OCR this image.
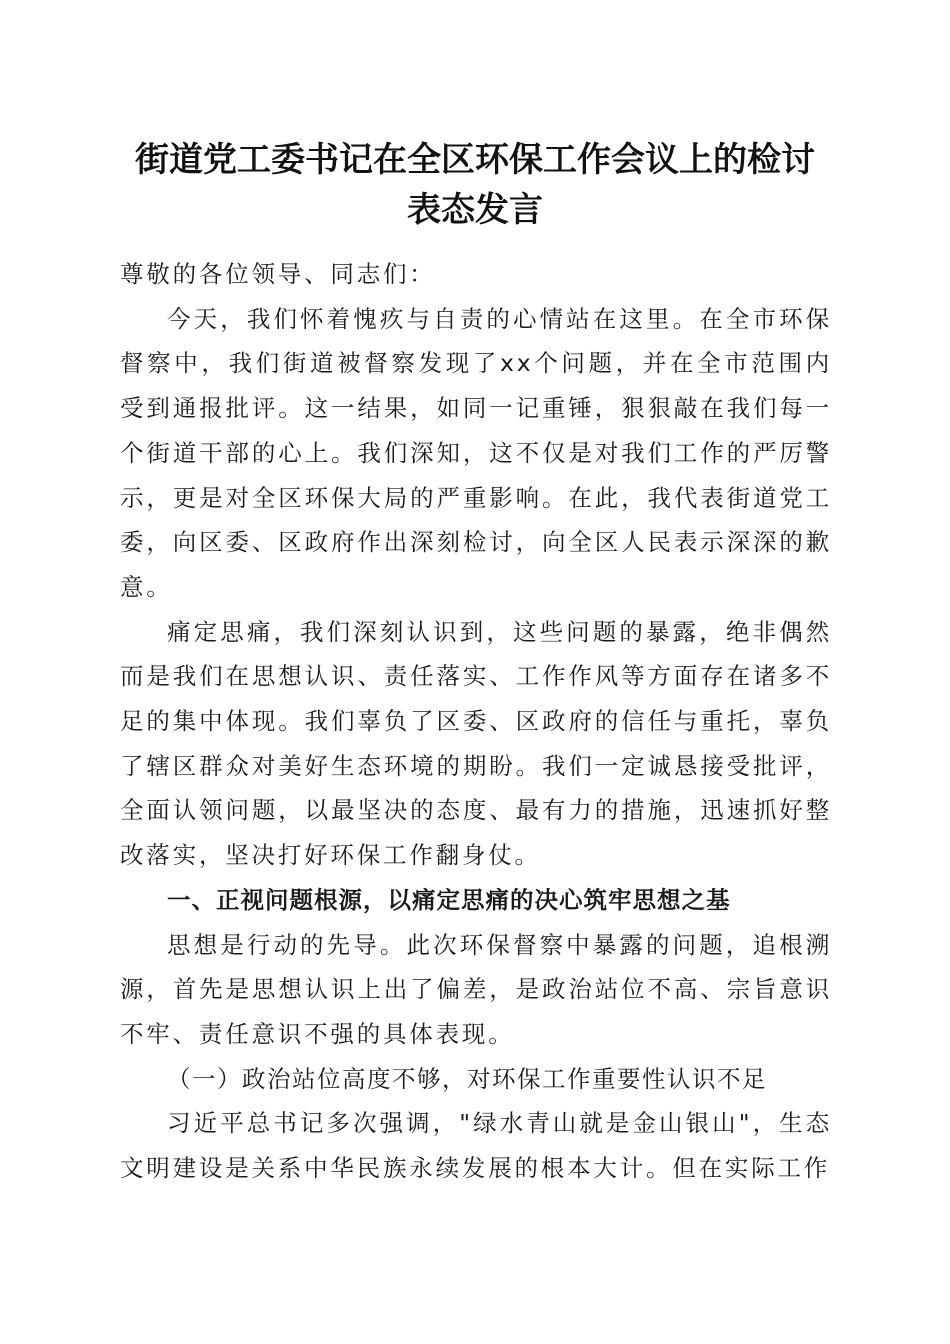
街道党工委书记在全区环保工作会议上的检讨
表态发言

尊敬的各位领导、同志们：

今天，我们怀着愧疚与自责的心情站在这里。在全市环保督察中，我们街道被督察发现了xx个问题，并在全市范围内受到通报批评。这一结果，如同一记重锤，狠狠敲在我们每一个街道干部的心上。我们深知，这不仅是对我们工作的严厉警示，更是对全区环保大局的严重影响。在此，我代表街道党工委，向区委、区政府作出深刻检讨，向全区人民表示深深的歉意。

痛定思痛，我们深刻认识到，这些问题的暴露，绝非偶然而是我们在思想认识、责任落实、工作作风等方面存在诸多不足的集中体现。我们辜负了区委、区政府的信任与重托，辜负了辖区群众对美好生态环境的期盼。我们一定诚恳接受批评，全面认领问题，以最坚决的态度、最有力的措施，迅速抓好整改落实，坚决打好环保工作翻身仗。

一、正视问题根源，以痛定思痛的决心筑牢思想之基

思想是行动的先导。此次环保督察中暴露的问题，追根溯源，首先是思想认识上出了偏差，是政治站位不高、宗旨意识不牢、责任意识不强的具体表现。

（一）政治站位高度不够，对环保工作重要性认识不足

习近平总书记多次强调，"绿水青山就是金山银山"，生态文明建设是关系中华民族永续发展的根本大计。但在实际工作
